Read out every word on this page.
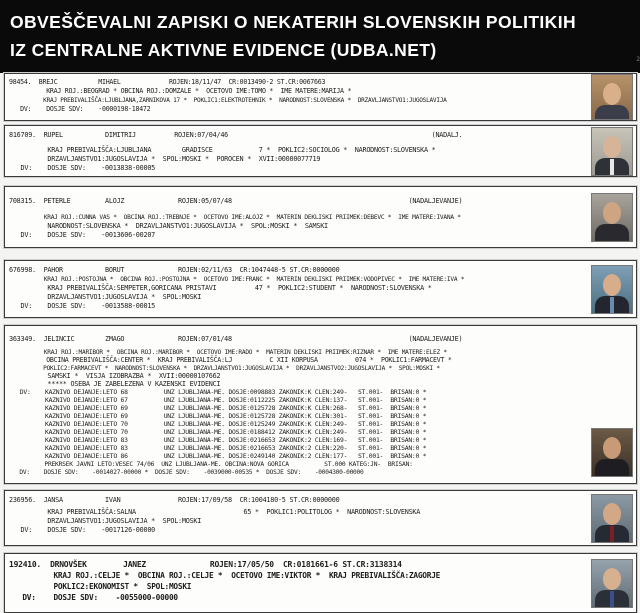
OBVEŠČEVALNI ZAPISKI O NEKATERIH SLOVENSKIH POLITIKIH
IZ CENTRALNE AKTIVNE EVIDENCE (UDBA.NET)	2
98454.  BREJC           MIHAEL             ROJEN:18/11/47  CR:0013490-2 ST.CR:0067663
KRAJ ROJ.:BEOGRAD * OBCINA ROJ.:DOMZALE *  OCETOVO IME:TOMO *  IME MATERE:MARIJA *
KRAJ PREBIVALIŠČA:LJUBLJANA,ZARNIKOVA 17 *  POKLIC1:ELEKTROTEHNIK *  NARODNOST:SLOVENSKA *  DRZAVLJANSTVO1:JUGOSLAVIJA
DV:    DOSJE SDV:    -0000198-18472
816709.  RUPEL           DIMITRIJ          ROJEN:07/04/46                                                     (NADALJ.
KRAJ PREBIVALIŠČA:LJUBLJANA        GRADISCE            7 *  POKLIC2:SOCIOLOG *  NARODNOST:SLOVENSKA *
DRZAVLJANSTVO1:JUGOSLAVIJA *  SPOL:MOSKI *  POROCEN *  XVII:00000077719
DV:    DOSJE SDV:    -0013838-00005
708315.  PETERLE         ALOJZ              ROJEN:05/07/48                                              (NADALJEVANJE)
KRAJ ROJ.:CUNNA VAS *  OBCINA ROJ.:TREBNJE *  OCETOVO IME:ALOJZ *  MATERIN DEKLISKI PRIIMEK:DEBEVC *  IME MATERE:IVANA *
NARODNOST:SLOVENSKA *  DRZAVLJANSTVO1:JUGOSLAVIJA *  SPOL:MOSKI *  SAMSKI
DV:    DOSJE SDV:    -0013606-00207
676998.  PAHOR           BORUT              ROJEN:02/11/63  CR:1047448-5 ST.CR:0000000
KRAJ ROJ.:POSTOJNA *  OBCINA ROJ.:POSTOJNA *  OCETOVO IME:FRANC *  MATERIN DEKLISKI PRIIMEK:VODOPIVEC *  IME MATERE:IVA *
KRAJ PREBIVALIŠČA:SEMPETER,GORICANA PRISTAVI          47 *  POKLIC2:STUDENT *  NARODNOST:SLOVENSKA *
DRZAVLJANSTVO1:JUGOSLAVIJA *  SPOL:MOSKI
DV:    DOSJE SDV:    -0013588-00015
363349.  JELINCIC        ZMAGO              ROJEN:07/01/48                                              (NADALJEVANJE)
KRAJ ROJ.:MARIBOR *  OBCINA ROJ.:MARIBOR *  OCETOVO IME:RADO *  MATERIN DEKLISKI PRIIMEK:RIZNAR *  IME MATERE:ELEZ *
OBCINA PREBIVALIŠČA:CENTER *  KRAJ PREBIVALIŠČA:LJ          C XII KORPUSA          074 *  POKLIC1:FARMACEVT *
POKLIC2:FARMACEVT *  NARODNOST:SLOVENSKA *  DRZAVLJANSTVO1:JUGOSLAVIJA *  DRZAVLJANSTVO2:JUGOSLAVIJA *  SPOL:MOSKI *
SAMSKI *  VISJA IZOBRAZBA *  XVII:00000107662
***** OSEBA JE ZABELEZENA V KAZENSKI EVIDENCI
DV:    KAZNIVO DEJANJE:LETO 68          UNZ LJUBLJANA-ME. DOSJE:0098883 ZAKONIK:K CLEN:249-   ST.001-  BRISAN:0 *
KAZNIVO DEJANJE:LETO 67          UNZ LJUBLJANA-ME. DOSJE:0112225 ZAKONIK:K CLEN:137-   ST.001-  BRISAN:0 *
KAZNIVO DEJANJE:LETO 69          UNZ LJUBLJANA-ME. DOSJE:0125728 ZAKONIK:K CLEN:268-   ST.001-  BRISAN:0 *
KAZNIVO DEJANJE:LETO 69          UNZ LJUBLJANA-ME. DOSJE:0125728 ZAKONIK:K CLEN:301-   ST.001-  BRISAN:0 *
KAZNIVO DEJANJE:LETO 70          UNZ LJUBLJANA-ME. DOSJE:0125249 ZAKONIK:K CLEN:249-   ST.001-  BRISAN:0 *
KAZNIVO DEJANJE:LETO 70          UNZ LJUBLJANA-ME. DOSJE:0188412 ZAKONIK:K CLEN:249-   ST.001-  BRISAN:0 *
KAZNIVO DEJANJE:LETO 83          UNZ LJUBLJANA-ME. DOSJE:0216653 ZAKONIK:2 CLEN:169-   ST.001-  BRISAN:0 *
KAZNIVO DEJANJE:LETO 83          UNZ LJUBLJANA-ME. DOSJE:0216653 ZAKONIK:2 CLEN:220-   ST.001-  BRISAN:0 *
KAZNIVO DEJANJE:LETO 86          UNZ LJUBLJANA-ME. DOSJE:0249140 ZAKONIK:2 CLEN:177-   ST.001-  BRISAN:0 *
PREKRSEK JAVNI LETO:VESEC 74/06  UNZ LJUBLJANA-ME. OBCINA:NOVA GORICA          ST.000 KATEG:JN-  BRISAN:
DV:    DOSJE SDV:    -0014027-00000 *  DOSJE SDV:    -0039000-00535 *  DOSJE SDV:    -0004300-00000
236956.  JANSA           IVAN               ROJEN:17/09/58  CR:1004180-5 ST.CR:0000000
KRAJ PREBIVALIŠČA:SALNA                            65 *  POKLIC1:POLITOLOG *  NARODNOST:SLOVENSKA
DRZAVLJANSTVO1:JUGOSLAVIJA *  SPOL:MOSKI
DV:    DOSJE SDV:    -0017126-00000
192410.  DRNOVŠEK        JANEZ              ROJEN:17/05/50  CR:0181661-6 ST.CR:3138314
KRAJ ROJ.:CELJE *  OBCINA ROJ.:CELJE *  OCETOVO IME:VIKTOR *  KRAJ PREBIVALIŠČA:ZAGORJE
POKLIC2:EKONOMIST *  SPOL:MOSKI
DV:    DOSJE SDV:    -0055000-00000
